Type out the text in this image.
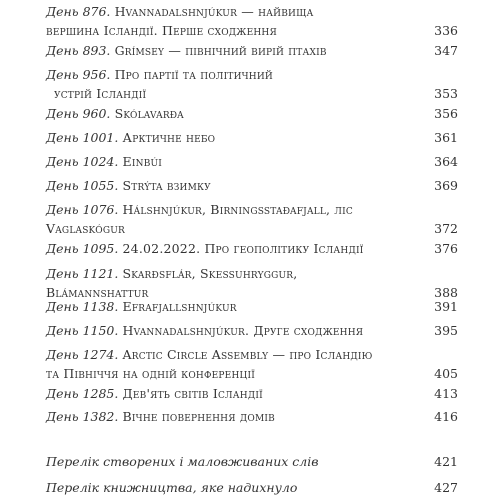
День 876. Hvannadalshnjúkur — найвища
вершина Ісландії. Перше сходження	336
День 893. Grímsey — північний вирій птахів	347
День 956. Про партії та політичний
устрій Ісландії	353
День 960. Skólavarða	356
День 1001. Арктичне небо	361
День 1024. Einbúi	364
День 1055. Strýta взимку	369
День 1076. Hálshnjúkur, Birningsstaðafjall, ліс
Vaglaskógur	372
День 1095. 24.02.2022. Про геополітику Ісландії	376
День 1121. Skarðsflár, Skessuhryggur,
Blámannshattur	388
День 1138. Efrafjallshnjúkur	391
День 1150. Hvannadalshnjúkur. Друге сходження	395
День 1274. Arctic Circle Assembly — про Ісландію
та Північчя на одній конференції	405
День 1285. Дев'ять світів Ісландії	413
День 1382. Вічне повернення домів	416
Перелік створених і маловживаних слів	421
Перелік книжництва, яке надихнуло	427
